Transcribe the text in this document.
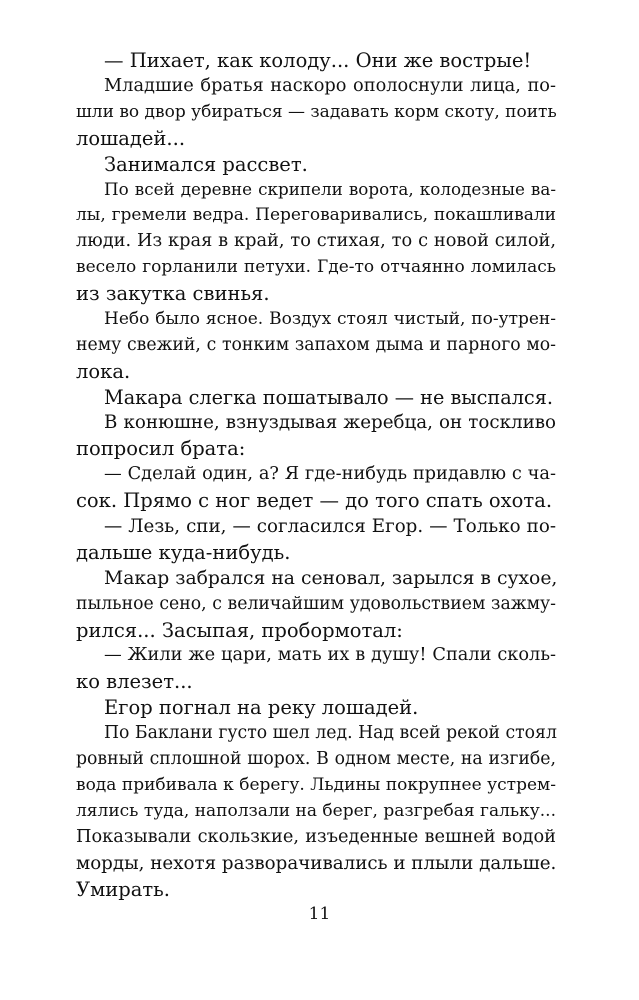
— Пихает, как колоду... Они же вострые!
Младшие братья наскоро ополоснули лица, по-
шли во двор убираться — задавать корм скоту, поить
лошадей...
Занимался рассвет.
По всей деревне скрипели ворота, колодезные ва-
лы, гремели ведра. Переговаривались, покашливали
люди. Из края в край, то стихая, то с новой силой,
весело горланили петухи. Где-то отчаянно ломилась
из закутка свинья.
Небо было ясное. Воздух стоял чистый, по-утрен-
нему свежий, с тонким запахом дыма и парного мо-
лока.
Макара слегка пошатывало — не выспался.
В конюшне, взнуздывая жеребца, он тоскливо
попросил брата:
— Сделай один, а? Я где-нибудь придавлю с ча-
сок. Прямо с ног ведет — до того спать охота.
— Лезь, спи, — согласился Егор. — Только по-
дальше куда-нибудь.
Макар забрался на сеновал, зарылся в сухое,
пыльное сено, с величайшим удовольствием зажму-
рился... Засыпая, пробормотал:
— Жили же цари, мать их в душу! Спали сколь-
ко влезет...
Егор погнал на реку лошадей.
По Баклани густо шел лед. Над всей рекой стоял
ровный сплошной шорох. В одном месте, на изгибе,
вода прибивала к берегу. Льдины покрупнее устрем-
лялись туда, наползали на берег, разгребая гальку...
Показывали скользкие, изъеденные вешней водой
морды, нехотя разворачивались и плыли дальше.
Умирать.
11
